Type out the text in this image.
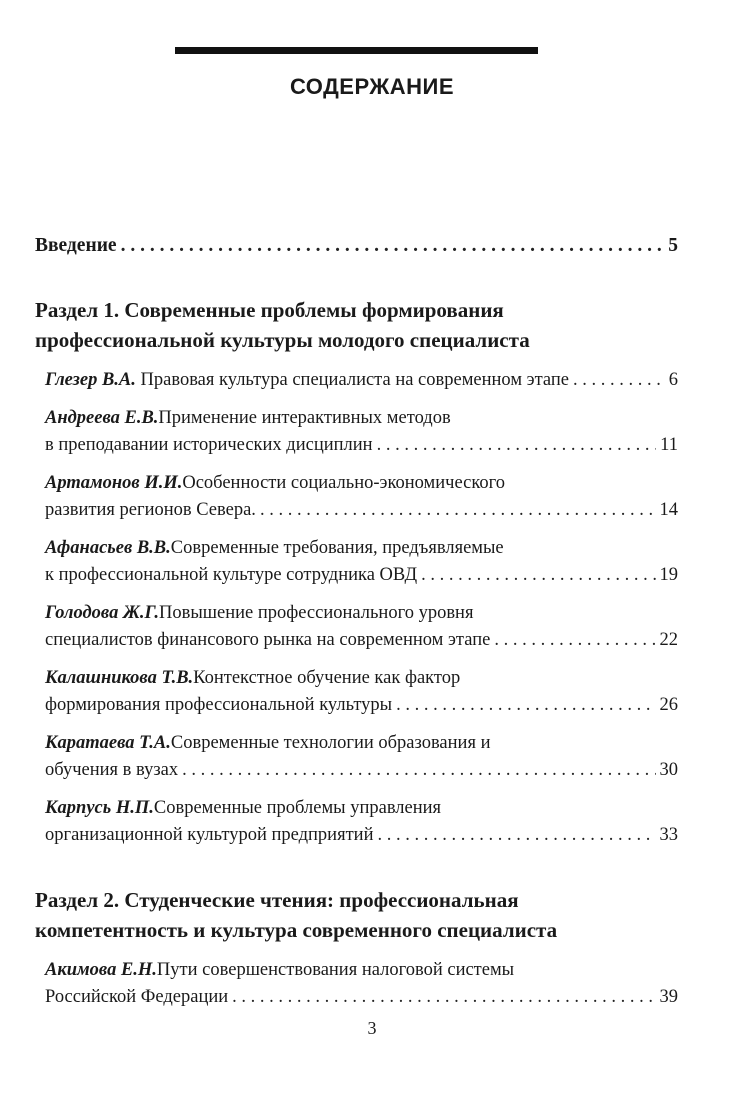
СОДЕРЖАНИЕ
Введение . . .	5
Раздел 1. Современные проблемы формирования
профессиональной культуры молодого специалиста
Глезер В.А. Правовая культура специалиста на современном этапе . . .	6
Андреева Е.В. Применение интерактивных методов
в преподавании исторических дисциплин . . .	11
Артамонов И.И. Особенности социально-экономического
развития регионов Севера. . . .	14
Афанасьев В.В. Современные требования, предъявляемые
к профессиональной культуре сотрудника ОВД . . .	19
Голодова Ж.Г. Повышение профессионального уровня
специалистов финансового рынка на современном этапе . . .	22
Калашникова Т.В. Контекстное обучение как фактор
формирования профессиональной культуры . . .	26
Каратаева Т.А. Современные технологии образования и
обучения в вузах . . .	30
Карпусь Н.П. Современные проблемы управления
организационной культурой предприятий . . .	33
Раздел 2. Студенческие чтения: профессиональная
компетентность и культура современного специалиста
Акимова Е.Н. Пути совершенствования налоговой системы
Российской Федерации . . .	39
3
